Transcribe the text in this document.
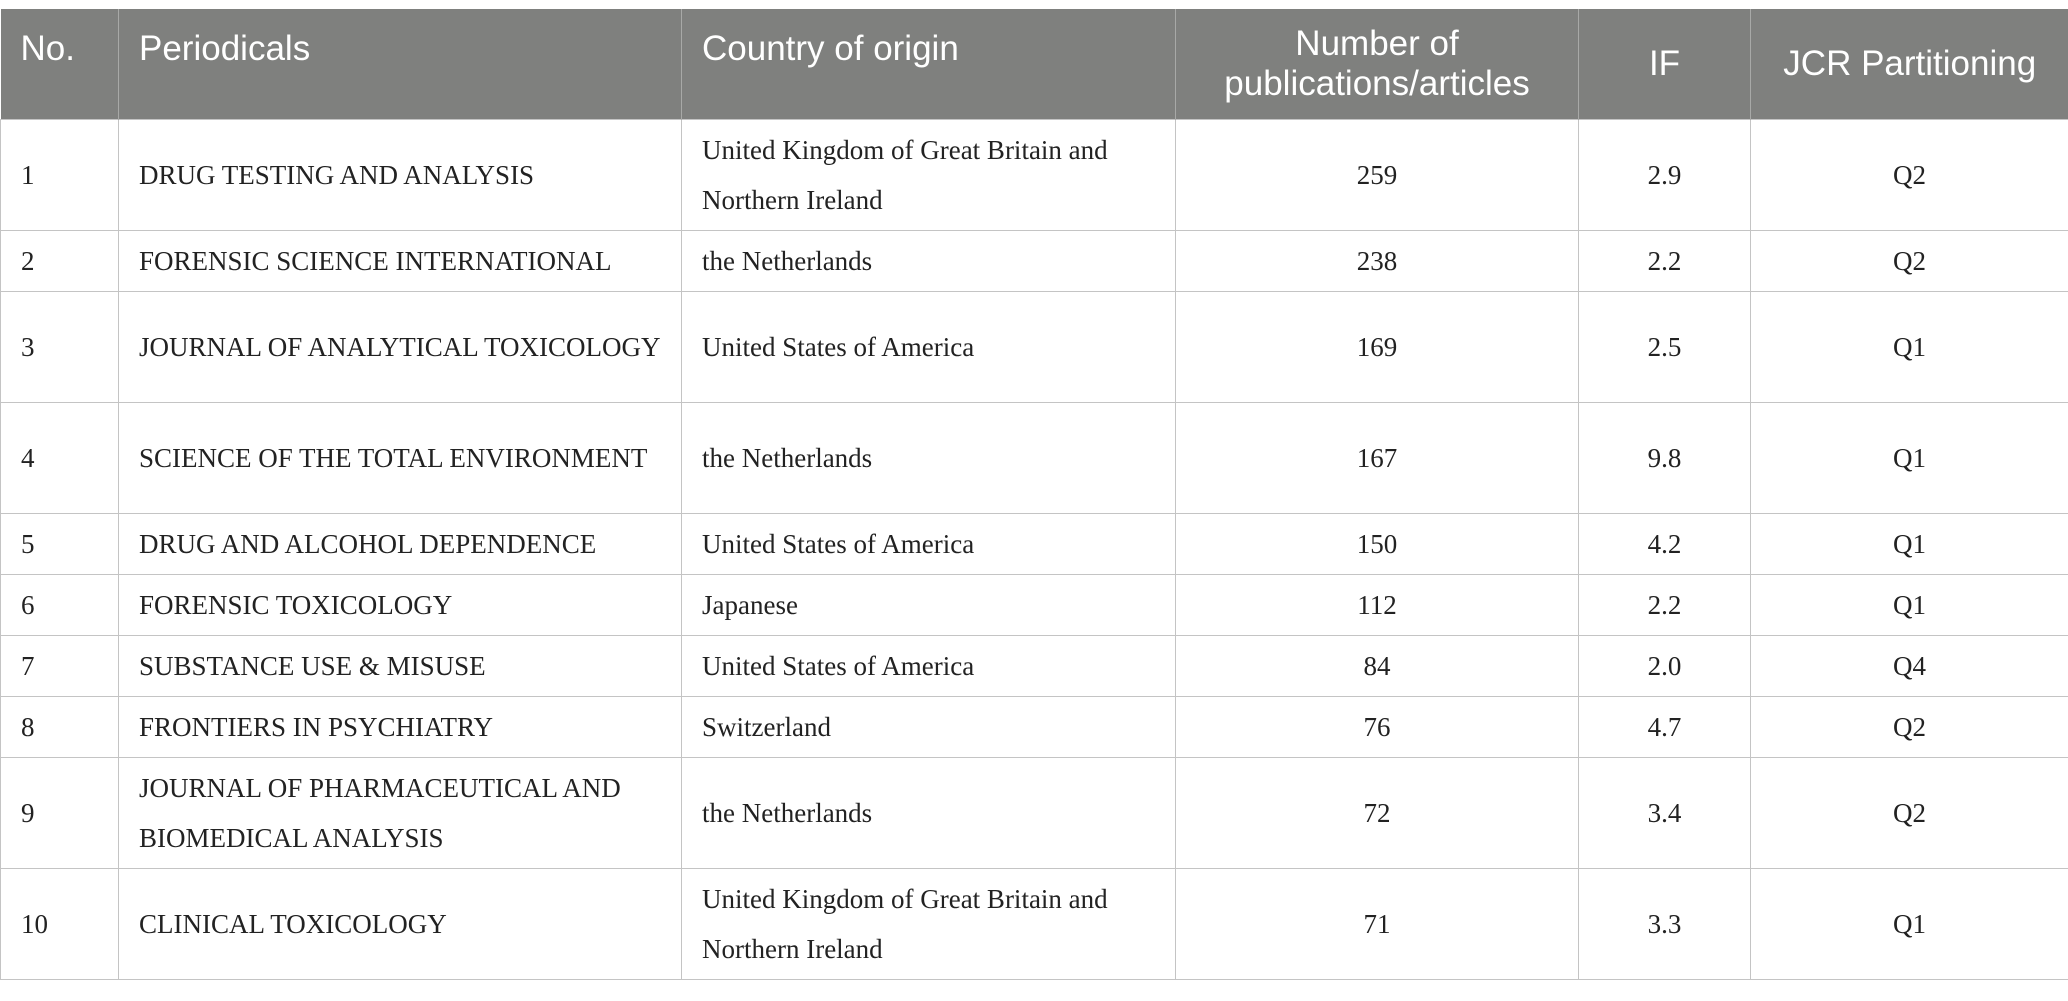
No.	Periodicals	Country of origin	Number of publications/articles	IF	JCR Partitioning
1	DRUG TESTING AND ANALYSIS	United Kingdom of Great Britain and Northern Ireland	259	2.9	Q2
2	FORENSIC SCIENCE INTERNATIONAL	the Netherlands	238	2.2	Q2
3	JOURNAL OF ANALYTICAL TOXICOLOGY	United States of America	169	2.5	Q1
4	SCIENCE OF THE TOTAL ENVIRONMENT	the Netherlands	167	9.8	Q1
5	DRUG AND ALCOHOL DEPENDENCE	United States of America	150	4.2	Q1
6	FORENSIC TOXICOLOGY	Japanese	112	2.2	Q1
7	SUBSTANCE USE & MISUSE	United States of America	84	2.0	Q4
8	FRONTIERS IN PSYCHIATRY	Switzerland	76	4.7	Q2
9	JOURNAL OF PHARMACEUTICAL AND BIOMEDICAL ANALYSIS	the Netherlands	72	3.4	Q2
10	CLINICAL TOXICOLOGY	United Kingdom of Great Britain and Northern Ireland	71	3.3	Q1
